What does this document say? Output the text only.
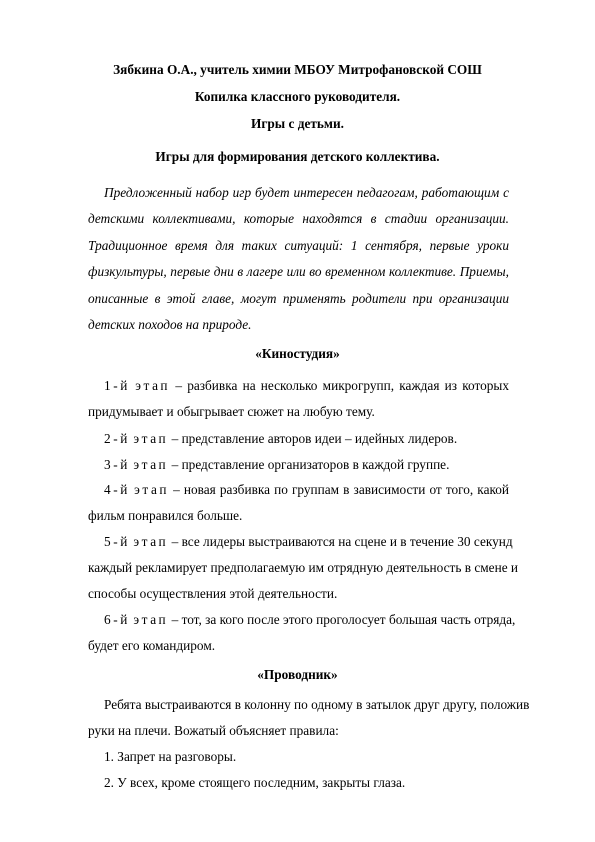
Зябкина О.А., учитель химии МБОУ Митрофановской СОШ
Копилка классного руководителя.
Игры с детьми.
Игры для формирования детского коллектива.
Предложенный набор игр будет интересен педагогам, работающим с
детскими коллективами, которые находятся в стадии организации.
Традиционное время для таких ситуаций: 1 сентября, первые уроки
физкультуры, первые дни в лагере или во временном коллективе. Приемы,
описанные в этой главе, могут применять родители при организации
детских походов на природе.
«Киностудия»
1-й этап – разбивка на несколько микрогрупп, каждая из которых
придумывает и обыгрывает сюжет на любую тему.
2-й этап – представление авторов идеи – идейных лидеров.
3-й этап – представление организаторов в каждой группе.
4-й этап – новая разбивка по группам в зависимости от того, какой
фильм понравился больше.
5-й этап – все лидеры выстраиваются на сцене и в течение 30 секунд
каждый рекламирует предполагаемую им отрядную деятельность в смене и
способы осуществления этой деятельности.
6-й этап – тот, за кого после этого проголосует большая часть отряда,
будет его командиром.
«Проводник»
Ребята выстраиваются в колонну по одному в затылок друг другу, положив
руки на плечи. Вожатый объясняет правила:
1. Запрет на разговоры.
2. У всех, кроме стоящего последним, закрыты глаза.
